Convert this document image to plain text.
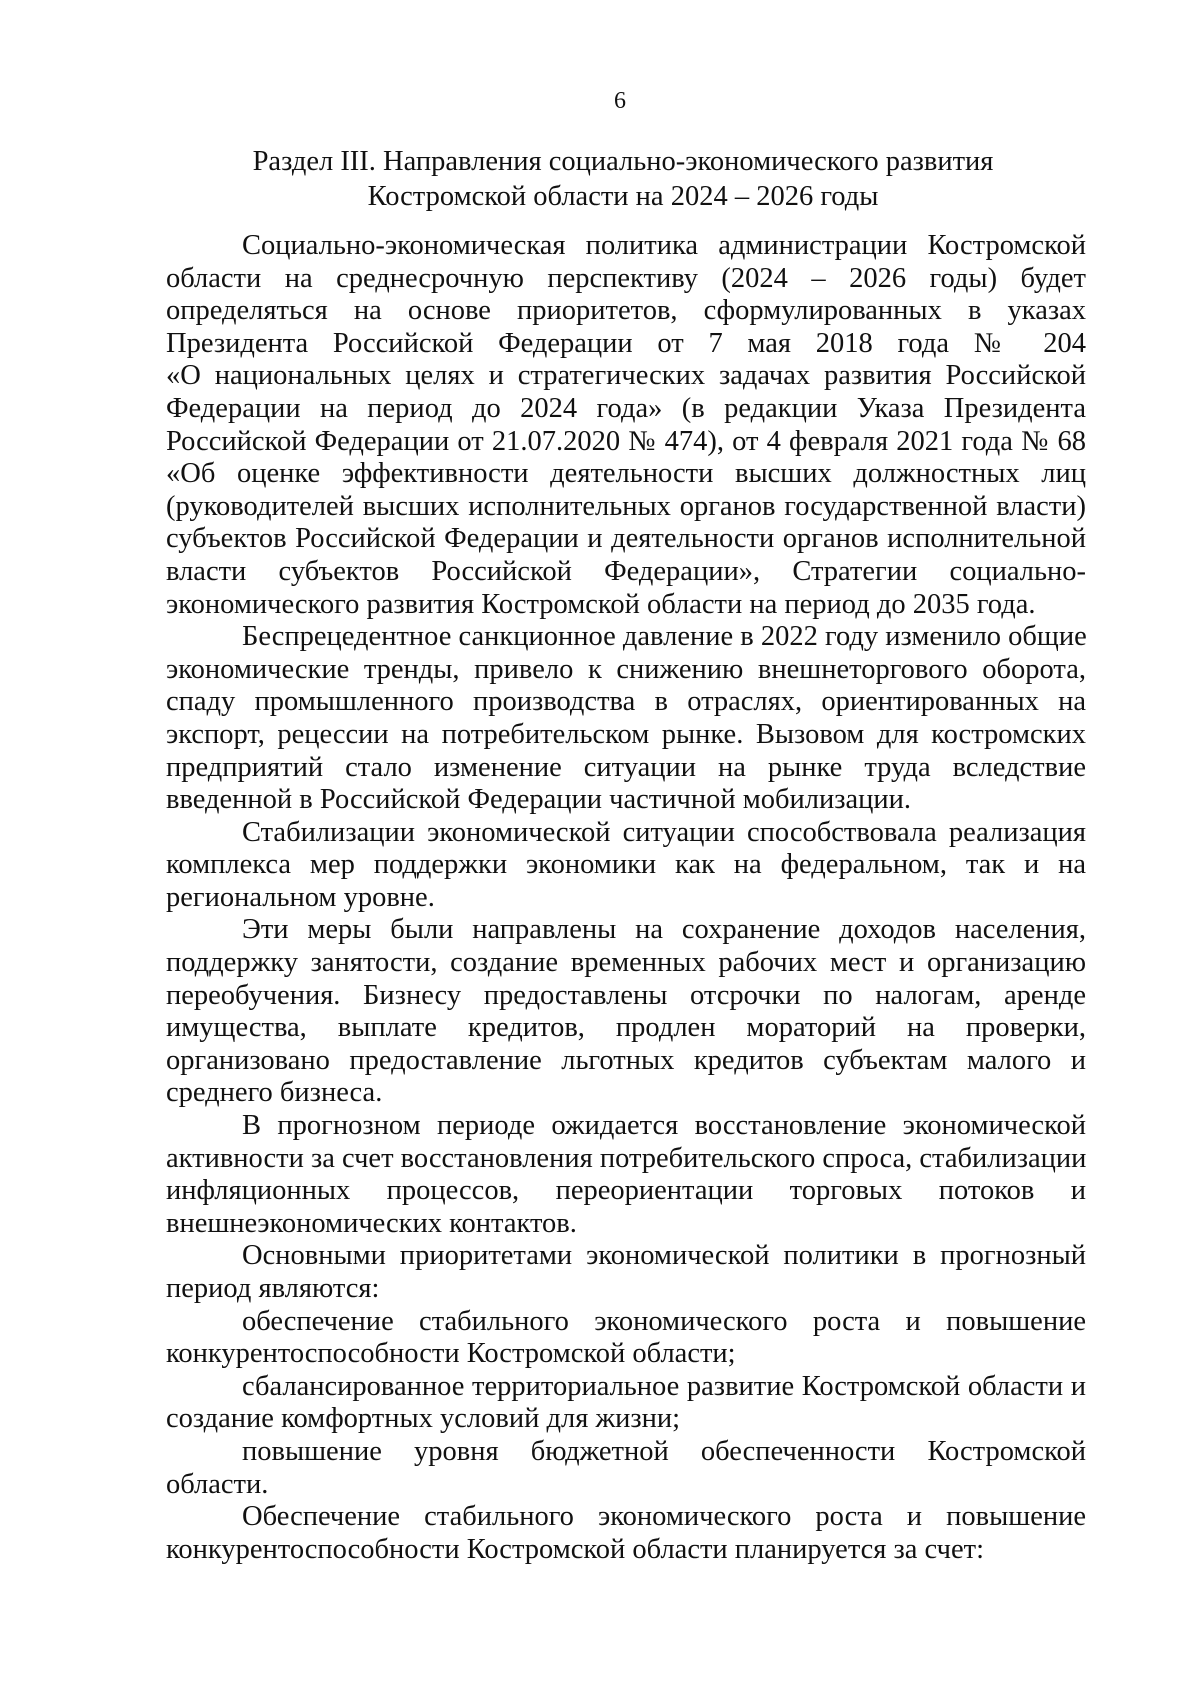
6
Раздел III. Направления социально-экономического развития
Костромской области на 2024 – 2026 годы
Социально-экономическая политика администрации Костромской
области на среднесрочную перспективу (2024 – 2026 годы) будет
определяться на основе приоритетов, сформулированных в указах
Президента Российской Федерации от 7 мая 2018 года № 204
«О национальных целях и стратегических задачах развития Российской
Федерации на период до 2024 года» (в редакции Указа Президента
Российской Федерации от 21.07.2020 № 474), от 4 февраля 2021 года № 68
«Об оценке эффективности деятельности высших должностных лиц
(руководителей высших исполнительных органов государственной власти)
субъектов Российской Федерации и деятельности органов исполнительной
власти субъектов Российской Федерации», Стратегии социально-
экономического развития Костромской области на период до 2035 года.
Беспрецедентное санкционное давление в 2022 году изменило общие
экономические тренды, привело к снижению внешнеторгового оборота,
спаду промышленного производства в отраслях, ориентированных на
экспорт, рецессии на потребительском рынке. Вызовом для костромских
предприятий стало изменение ситуации на рынке труда вследствие
введенной в Российской Федерации частичной мобилизации.
Стабилизации экономической ситуации способствовала реализация
комплекса мер поддержки экономики как на федеральном, так и на
региональном уровне.
Эти меры были направлены на сохранение доходов населения,
поддержку занятости, создание временных рабочих мест и организацию
переобучения. Бизнесу предоставлены отсрочки по налогам, аренде
имущества, выплате кредитов, продлен мораторий на проверки,
организовано предоставление льготных кредитов субъектам малого и
среднего бизнеса.
В прогнозном периоде ожидается восстановление экономической
активности за счет восстановления потребительского спроса, стабилизации
инфляционных процессов, переориентации торговых потоков и
внешнеэкономических контактов.
Основными приоритетами экономической политики в прогнозный
период являются:
обеспечение стабильного экономического роста и повышение
конкурентоспособности Костромской области;
сбалансированное территориальное развитие Костромской области и
создание комфортных условий для жизни;
повышение уровня бюджетной обеспеченности Костромской
области.
Обеспечение стабильного экономического роста и повышение
конкурентоспособности Костромской области планируется за счет:
